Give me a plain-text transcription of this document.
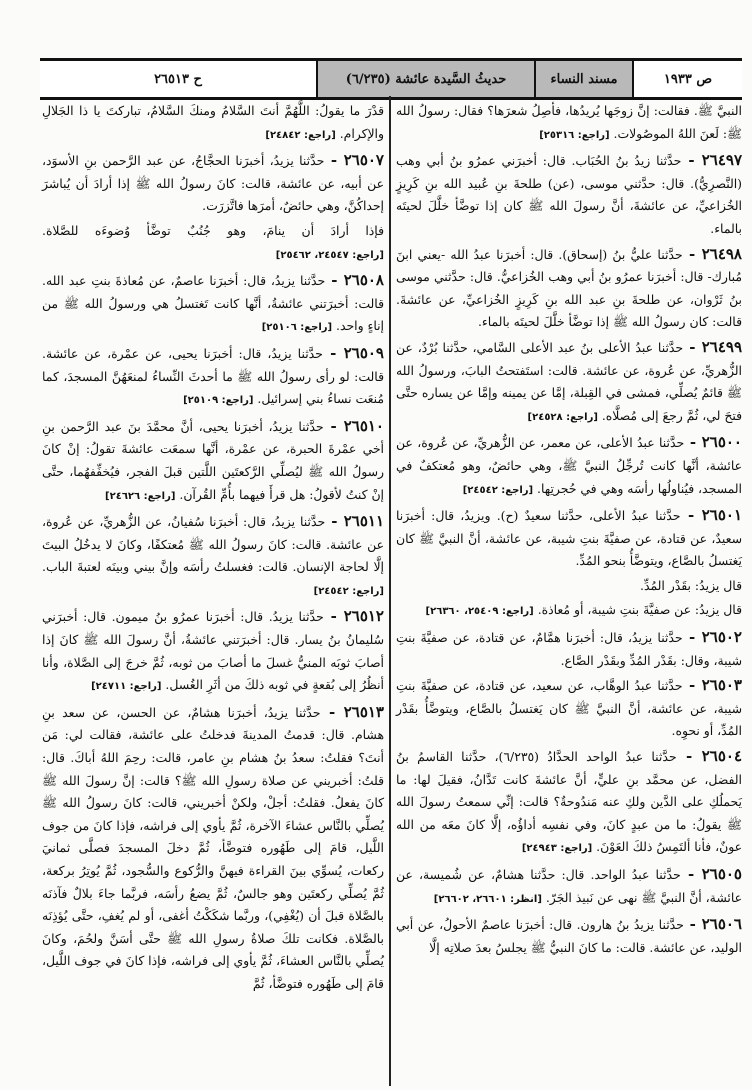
ص ١٩٣٣
مسند النساء
حديثُ السَّيدة عائشة (٦/٢٣٥)
ح ٢٦٥١٣

النبيَّ ﷺ. فقالت: إنَّ زوجَها يُريدُها، فأصِلُ شعرَها؟ فقال: رسولُ الله ﷺ: لَعنَ اللهُ الموصُولات. [راجع: ٢٥٣١٦]

٢٦٤٩٧ - حدَّثنا زيدُ بنُ الحُبَاب. قال: أخبرَني عمرُو بنُ أبي وهب (النَّصرِيُّ). قال: حدَّثني موسى، (عن) طلحةَ بنِ عُبيد الله بنِ كَرِيزٍ الخُزاعيِّ، عن عائشةَ، أنَّ رسولَ الله ﷺ كان إذا توضَّأ خلَّلَ لحيتَه بالماء.

٢٦٤٩٨ - حدَّثنا عليُّ بنُ (إسحاق). قال: أخبرَنا عبدُ الله -يعني ابنَ مُبارك- قال: أخبرَنا عمرُو بنُ أبي وهب الخُزاعيُّ. قال: حدَّثني موسى بنُ ثَرْوان، عن طلحةَ بنِ عبد الله بنِ كَرِيزٍ الخُزاعيِّ، عن عائشةَ. قالت: كان رسولُ الله ﷺ إذا توضَّأ خلَّلَ لحيتَه بالماء.

٢٦٤٩٩ - حدَّثنا عبدُ الأعلى بنُ عبد الأعلى السَّامي، حدَّثنا بُرْدٌ، عن الزُّهريِّ، عن عُروة، عن عائشة. قالت: استَفتحتُ البابَ، ورسولُ الله ﷺ قائمٌ يُصلِّي، فمشى في القِبلة، إمَّا عن يمينه وإمَّا عن يساره حتَّى فتحَ لي، ثُمَّ رجعَ إلى مُصلَّاه. [راجع: ٢٤٥٢٨]

٢٦٥٠٠ - حدَّثنا عبدُ الأعلى، عن معمر، عن الزُّهريِّ، عن عُروة، عن عائشة، أنَّها كانت تُرجِّلُ النبيَّ ﷺ، وهي حائضٌ، وهو مُعتكفٌ في المسجد، فيُناولُها رأسَه وهي في حُجرتِها. [راجع: ٢٤٥٤٢]

٢٦٥٠١ - حدَّثنا عبدُ الأعلى، حدَّثنا سعيدٌ (ح). ويزيدُ، قال: أخبرَنا سعيدٌ، عن قتادة، عن صفيَّةَ بنتِ شيبة، عن عائشة، أنَّ النبيَّ ﷺ كان يَغتسلُ بالصَّاع، ويتوضَّأُ بنحو المُدِّ.

قال يزيدُ: بقَدْر المُدِّ.

قال يزيدُ: عن صفيَّةَ بنتِ شيبة، أو مُعاذة. [راجع: ٢٥٤٠٩، ٢٦٣٦٠]

٢٦٥٠٢ - حدَّثنا يزيدُ، قال: أخبرَنا همَّامٌ، عن قتادة، عن صفيَّةَ بنتِ شيبة، وقال: بقَدْر المُدِّ وبقَدْر الصَّاع.

٢٦٥٠٣ - حدَّثنا عبدُ الوهَّاب، عن سعيد، عن قتادة، عن صفيَّةَ بنتِ شيبة، عن عائشة، أنَّ النبيَّ ﷺ كان يَغتسلُ بالصَّاع، ويتوضَّأُ بقَدْر المُدِّ، أو نحوِه.

٢٦٥٠٤ - حدَّثنا عبدُ الواحد الحدَّادُ (٦/٢٣٥)، حدَّثنا القاسمُ بنُ الفضل، عن محمَّد بنِ عليٍّ، أنَّ عائشةَ كانت تَدَّانُ، فقيلَ لها: ما يَحملُكِ على الدَّين ولكِ عنه مَندُوحةٌ؟ قالت: إنِّي سمعتُ رسولَ الله ﷺ يقولُ: ما من عبدٍ كانَ، وفي نفسِه أداؤُه، إلَّا كانَ معَه من الله عونٌ، فأنا ألتَمِسُ ذلكَ العَوْنَ. [راجع: ٢٤٩٤٣]

٢٦٥٠٥ - حدَّثنا عبدُ الواحد. قال: حدَّثنا هشامٌ، عن شُميسة، عن عائشة، أنَّ النبيَّ ﷺ نهى عن نَبيذ الجَرّ. [انظر: ٢٦٦٠١، ٢٦٦٠٢]

٢٦٥٠٦ - حدَّثنا يزيدُ بنُ هارون. قال: أخبرَنا عاصمٌ الأحولُ، عن أبي الوليد، عن عائشة. قالت: ما كانَ النبيُّ ﷺ يجلسُ بعدَ صلاتِه إلَّا

قدْرَ ما يقولُ: اللَّهُمَّ أنتَ السَّلامُ ومنكَ السَّلامُ، تباركتَ يا ذا الجَلالِ والإكرام. [راجع: ٢٤٨٤٢]

٢٦٥٠٧ - حدَّثنا يزيدُ، أخبرَنا الحجَّاجُ، عن عبد الرَّحمن بنِ الأسوَد، عن أبيه، عن عائشة، قالت: كانَ رسولُ الله ﷺ إذا أرادَ أن يُباشرَ إحداكُنَّ، وهي حائضٌ، أمرَها فاتَّزرَت.

فإذا أرادَ أن ينامَ، وهو جُنُبٌ توضَّأ وُضوءَه للصَّلاة. [راجع: ٢٤٥٤٧، ٢٥٤٦٢]

٢٦٥٠٨ - حدَّثنا يزيدُ، قال: أخبرَنا عاصمٌ، عن مُعاذةَ بنتِ عبد الله. قالت: أخبرَتني عائشةُ، أنَّها كانت تَغتسلُ هي ورسولُ الله ﷺ من إناءٍ واحد. [راجع: ٢٥١٠٦]

٢٦٥٠٩ - حدَّثنا يزيدُ، قال: أخبرَنا يحيى، عن عمْرة، عن عائشة. قالت: لو رأى رسولُ الله ﷺ ما أحدثَ النِّساءُ لمنعَهُنَّ المسجدَ، كما مُنعَت نساءُ بني إسرائيل. [راجع: ٢٥١٠٩]

٢٦٥١٠ - حدَّثنا يزيدُ، أخبرَنا يحيى، أنَّ محمَّدَ بنَ عبد الرَّحمن بنِ أخي عمْرةَ الحبرة، عن عمْرة، أنَّها سمعَت عائشةَ تقولُ: إنْ كانَ رسولُ الله ﷺ ليُصلِّي الرَّكعتَين اللَّتين قبلَ الفجر، فيُخفِّفهُما، حتَّى إنْ كنتُ لأقولُ: هل قرأَ فيهما بأُمِّ القُرآن. [راجع: ٢٤٦٢٦]

٢٦٥١١ - حدَّثنا يزيدُ، قال: أخبرَنا سُفيانُ، عن الزُّهريِّ، عن عُروة، عن عائشة. قالت: كانَ رسولُ الله ﷺ مُعتكفًا، وكانَ لا يدخُلُ البيتَ إلَّا لحاجة الإنسان. قالت: فغسلتُ رأسَه وإنَّ بيني وبينَه لعتبةَ الباب. [راجع: ٢٤٥٤٢]

٢٦٥١٢ - حدَّثنا يزيدُ. قال: أخبرَنا عمرُو بنُ ميمون. قال: أخبرَني سُليمانُ بنُ يسار. قال: أخبرَتني عائشةُ، أنَّ رسولَ الله ﷺ كانَ إذا أصابَ ثوبَه المنيُّ غسلَ ما أصابَ من ثوبه، ثُمَّ خرجَ إلى الصَّلاة، وأنا أنظُرُ إلى بُقعةٍ في ثوبه ذلكَ من أثَرِ الغُسل. [راجع: ٢٤٧١١]

٢٦٥١٣ - حدَّثنا يزيدُ، أخبرَنا هشامٌ، عن الحسن، عن سعد بنِ هشام. قال: قدمتُ المدينةَ فدخلتُ على عائشة، فقالت لي: مَن أنتَ؟ فقلتُ: سعدُ بنُ هشام بنِ عامر، قالت: رحِمَ اللهُ أباكَ. قال: قلتُ: أخبريني عن صلاة رسولِ الله ﷺ؟ قالت: إنَّ رسولَ الله ﷺ كانَ يفعلُ. فقلتُ: أجلْ، ولكنْ أخبريني، قالت: كانَ رسولُ الله ﷺ يُصلِّي بالنَّاس عشاءَ الآخرة، ثُمَّ يأوي إلى فراشه، فإذا كانَ من جوف اللَّيل، قامَ إلى طَهُوره فتوضَّأ، ثُمَّ دخلَ المسجدَ فصلَّى ثمانيَ ركعات، يُسوِّي بينَ القراءة فيهنَّ والرُّكوع والسُّجود، ثُمَّ يُوتِرُ بركعة، ثُمَّ يُصلِّي ركعتَين وهو جالسٌ، ثُمَّ يضعُ رأسَه، فربَّما جاءَ بلالٌ فآذنَه بالصَّلاة قبلَ أن (يُغْفِي)، وربَّما شكَكْتُ أغفى، أو لم يُغفِ، حتَّى يُؤذِنَه بالصَّلاة. فكانت تلكَ صلاةُ رسولِ الله ﷺ حتَّى أسَنَّ ولحُمَ، وكانَ يُصلِّي بالنَّاس العشاءَ، ثُمَّ يأوي إلى فراشه، فإذا كانَ في جوف اللَّيل، قامَ إلى طَهُوره فتوضَّأ، ثُمَّ
